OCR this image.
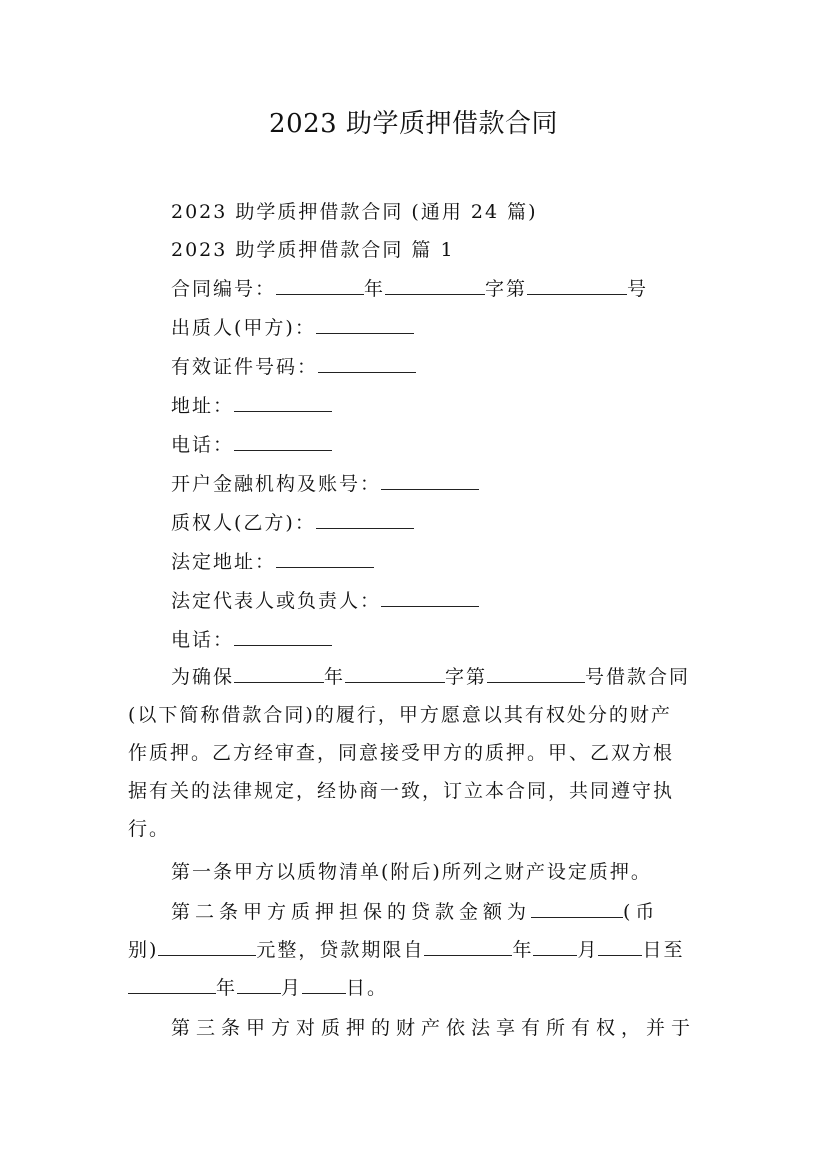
2023 助学质押借款合同
2023 助学质押借款合同 (通用 24 篇)
2023 助学质押借款合同 篇 1
合同编号：	年	字第	号
出质人(甲方)：
有效证件号码：
地址：
电话：
开户金融机构及账号：
质权人(乙方)：
法定地址：
法定代表人或负责人：
电话：
为确保	年	字第	号借款合同
(以下简称借款合同)的履行，甲方愿意以其有权处分的财产
作质押。乙方经审查，同意接受甲方的质押。甲、乙双方根
据有关的法律规定，经协商一致，订立本合同，共同遵守执
行。
第一条甲方以质物清单(附后)所列之财产设定质押。
第二条甲方质押担保的贷款金额为	(币
别)	元整，贷款期限自	年 月 日至
年 月 日。
第三条甲方对质押的财产依法享有所有权，并于
